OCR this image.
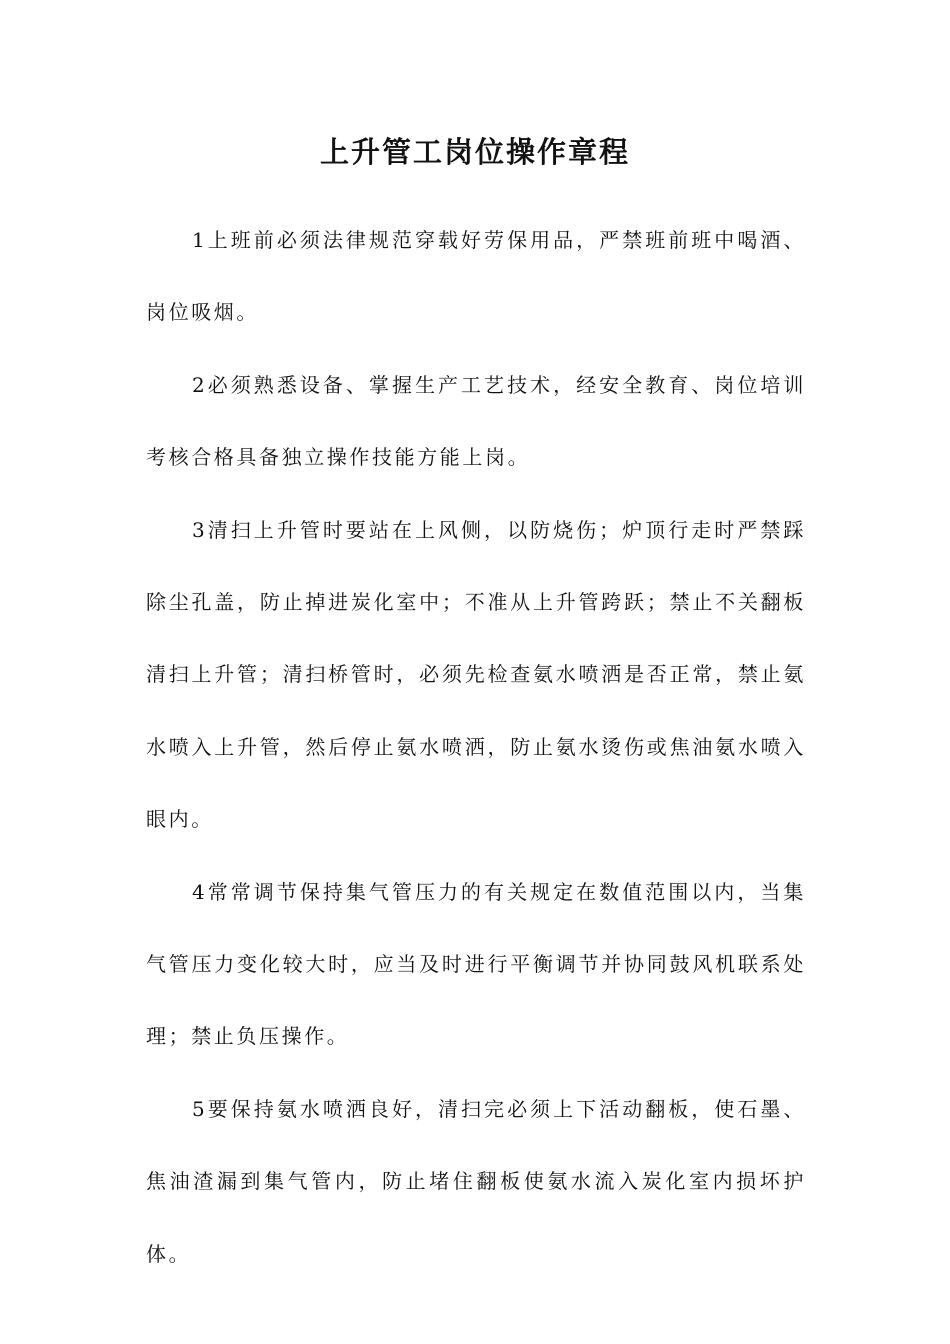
上升管工岗位操作章程

1上班前必须法律规范穿载好劳保用品，严禁班前班中喝酒、岗位吸烟。

2必须熟悉设备、掌握生产工艺技术，经安全教育、岗位培训考核合格具备独立操作技能方能上岗。

3清扫上升管时要站在上风侧，以防烧伤；炉顶行走时严禁踩除尘孔盖，防止掉进炭化室中；不准从上升管跨跃；禁止不关翻板清扫上升管；清扫桥管时，必须先检查氨水喷洒是否正常，禁止氨水喷入上升管，然后停止氨水喷洒，防止氨水烫伤或焦油氨水喷入眼内。

4常常调节保持集气管压力的有关规定在数值范围以内，当集气管压力变化较大时，应当及时进行平衡调节并协同鼓风机联系处理；禁止负压操作。

5要保持氨水喷洒良好，清扫完必须上下活动翻板，使石墨、焦油渣漏到集气管内，防止堵住翻板使氨水流入炭化室内损坏护体。
